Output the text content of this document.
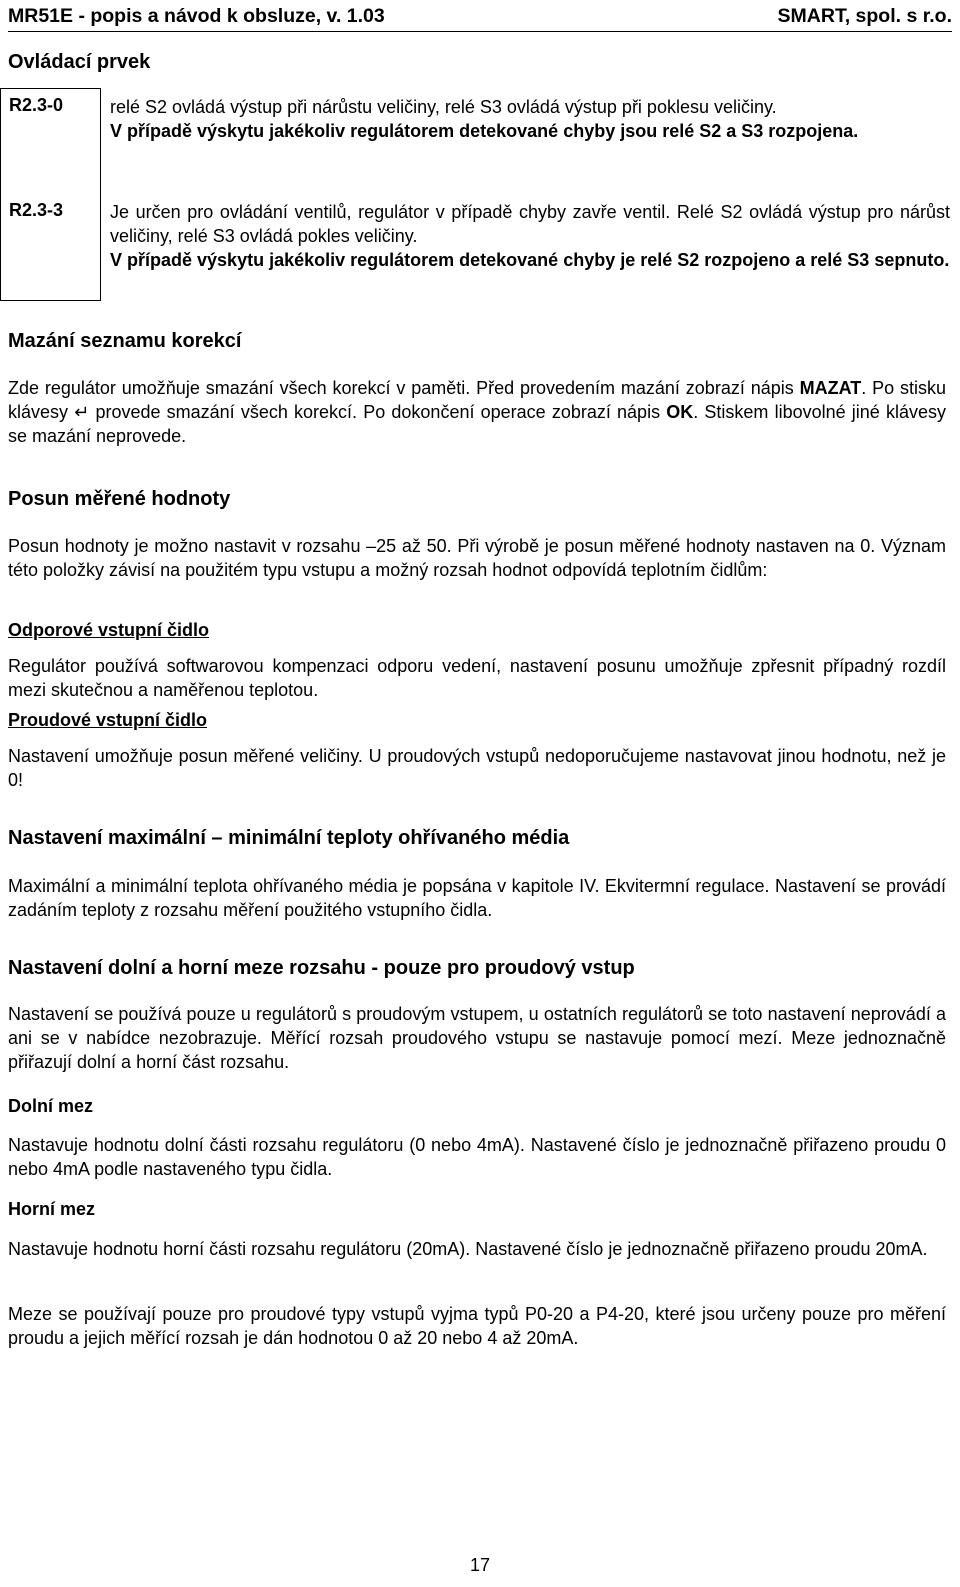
MR51E - popis a návod k obsluze, v. 1.03	SMART, spol. s r.o.
Ovládací prvek
R2.3-0	relé S2 ovládá výstup při nárůstu veličiny, relé S3 ovládá výstup při poklesu veličiny.
V případě výskytu jakékoliv regulátorem detekované chyby jsou relé S2 a S3 rozpojena.
R2.3-3	Je určen pro ovládání ventilů, regulátor v případě chyby zavře ventil. Relé S2 ovládá výstup pro nárůst veličiny, relé S3 ovládá pokles veličiny.
V případě výskytu jakékoliv regulátorem detekované chyby je relé S2 rozpojeno a relé S3 sepnuto.
Mazání seznamu korekcí

Zde regulátor umožňuje smazání všech korekcí v paměti. Před provedením mazání zobrazí nápis MAZAT. Po stisku klávesy ↵ provede smazání všech korekcí. Po dokončení operace zobrazí nápis OK. Stiskem libovolné jiné klávesy se mazání neprovede.

Posun měřené hodnoty

Posun hodnoty je možno nastavit v rozsahu –25 až 50. Při výrobě je posun měřené hodnoty nastaven na 0. Význam této položky závisí na použitém typu vstupu a možný rozsah hodnot odpovídá teplotním čidlům:

Odporové vstupní čidlo

Regulátor používá softwarovou kompenzaci odporu vedení, nastavení posunu umožňuje zpřesnit případný rozdíl mezi skutečnou a naměřenou teplotou.

Proudové vstupní čidlo

Nastavení umožňuje posun měřené veličiny. U proudových vstupů nedoporučujeme nastavovat jinou hodnotu, než je 0!

Nastavení maximální – minimální teploty ohřívaného média

Maximální a minimální teplota ohřívaného média je popsána v kapitole IV. Ekvitermní regulace. Nastavení se provádí zadáním teploty z rozsahu měření použitého vstupního čidla.

Nastavení dolní a horní meze rozsahu - pouze pro proudový vstup

Nastavení se používá pouze u regulátorů s proudovým vstupem, u ostatních regulátorů se toto nastavení neprovádí a ani se v nabídce nezobrazuje. Měřící rozsah proudového vstupu se nastavuje pomocí mezí. Meze jednoznačně přiřazují dolní a horní část rozsahu.

Dolní mez

Nastavuje hodnotu dolní části rozsahu regulátoru (0 nebo 4mA). Nastavené číslo je jednoznačně přiřazeno proudu 0 nebo 4mA podle nastaveného typu čidla.

Horní mez

Nastavuje hodnotu horní části rozsahu regulátoru (20mA). Nastavené číslo je jednoznačně přiřazeno proudu 20mA.

Meze se používají pouze pro proudové typy vstupů vyjma typů P0-20 a P4-20, které jsou určeny pouze pro měření proudu a jejich měřící rozsah je dán hodnotou 0 až 20 nebo 4 až 20mA.

17
